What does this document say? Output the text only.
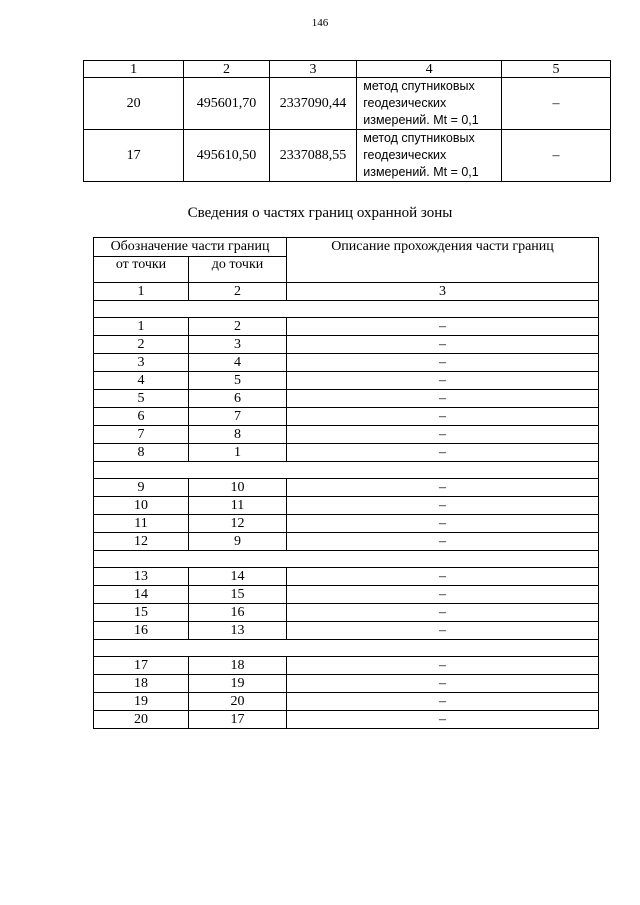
146
1	2	3	4	5
20	495601,70	2337090,44	метод спутниковых
геодезических
измерений. Mt = 0,1	–
17	495610,50	2337088,55	метод спутниковых
геодезических
измерений. Mt = 0,1	–
Сведения о частях границ охранной зоны
Обозначение части границ		Описание прохождения части границ
от точки	до точки	
1	2	3

1	2	–
2	3	–
3	4	–
4	5	–
5	6	–
6	7	–
7	8	–
8	1	–

9	10	–
10	11	–
11	12	–
12	9	–

13	14	–
14	15	–
15	16	–
16	13	–

17	18	–
18	19	–
19	20	–
20	17	–
